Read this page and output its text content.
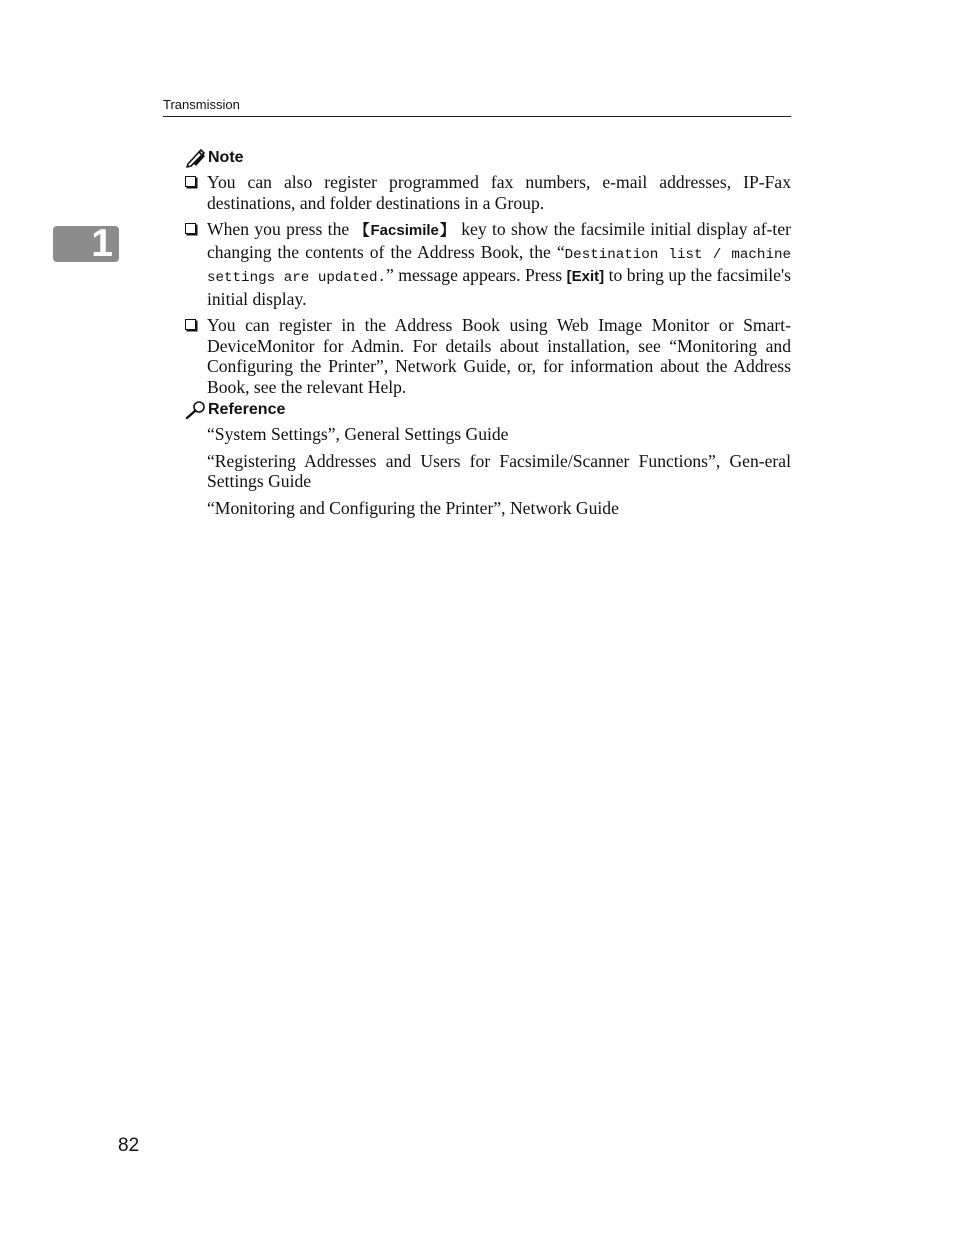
Transmission
1
Note
You can also register programmed fax numbers, e-mail addresses, IP-Fax destinations, and folder destinations in a Group.
When you press the 【Facsimile】 key to show the facsimile initial display af-ter changing the contents of the Address Book, the “Destination list / machine settings are updated.” message appears. Press [Exit] to bring up the facsimile's initial display.
You can register in the Address Book using Web Image Monitor or Smart-DeviceMonitor for Admin. For details about installation, see “Monitoring and Configuring the Printer”, Network Guide, or, for information about the Address Book, see the relevant Help.
Reference

“System Settings”, General Settings Guide

“Registering Addresses and Users for Facsimile/Scanner Functions”, Gen-eral Settings Guide

“Monitoring and Configuring the Printer”, Network Guide

82
